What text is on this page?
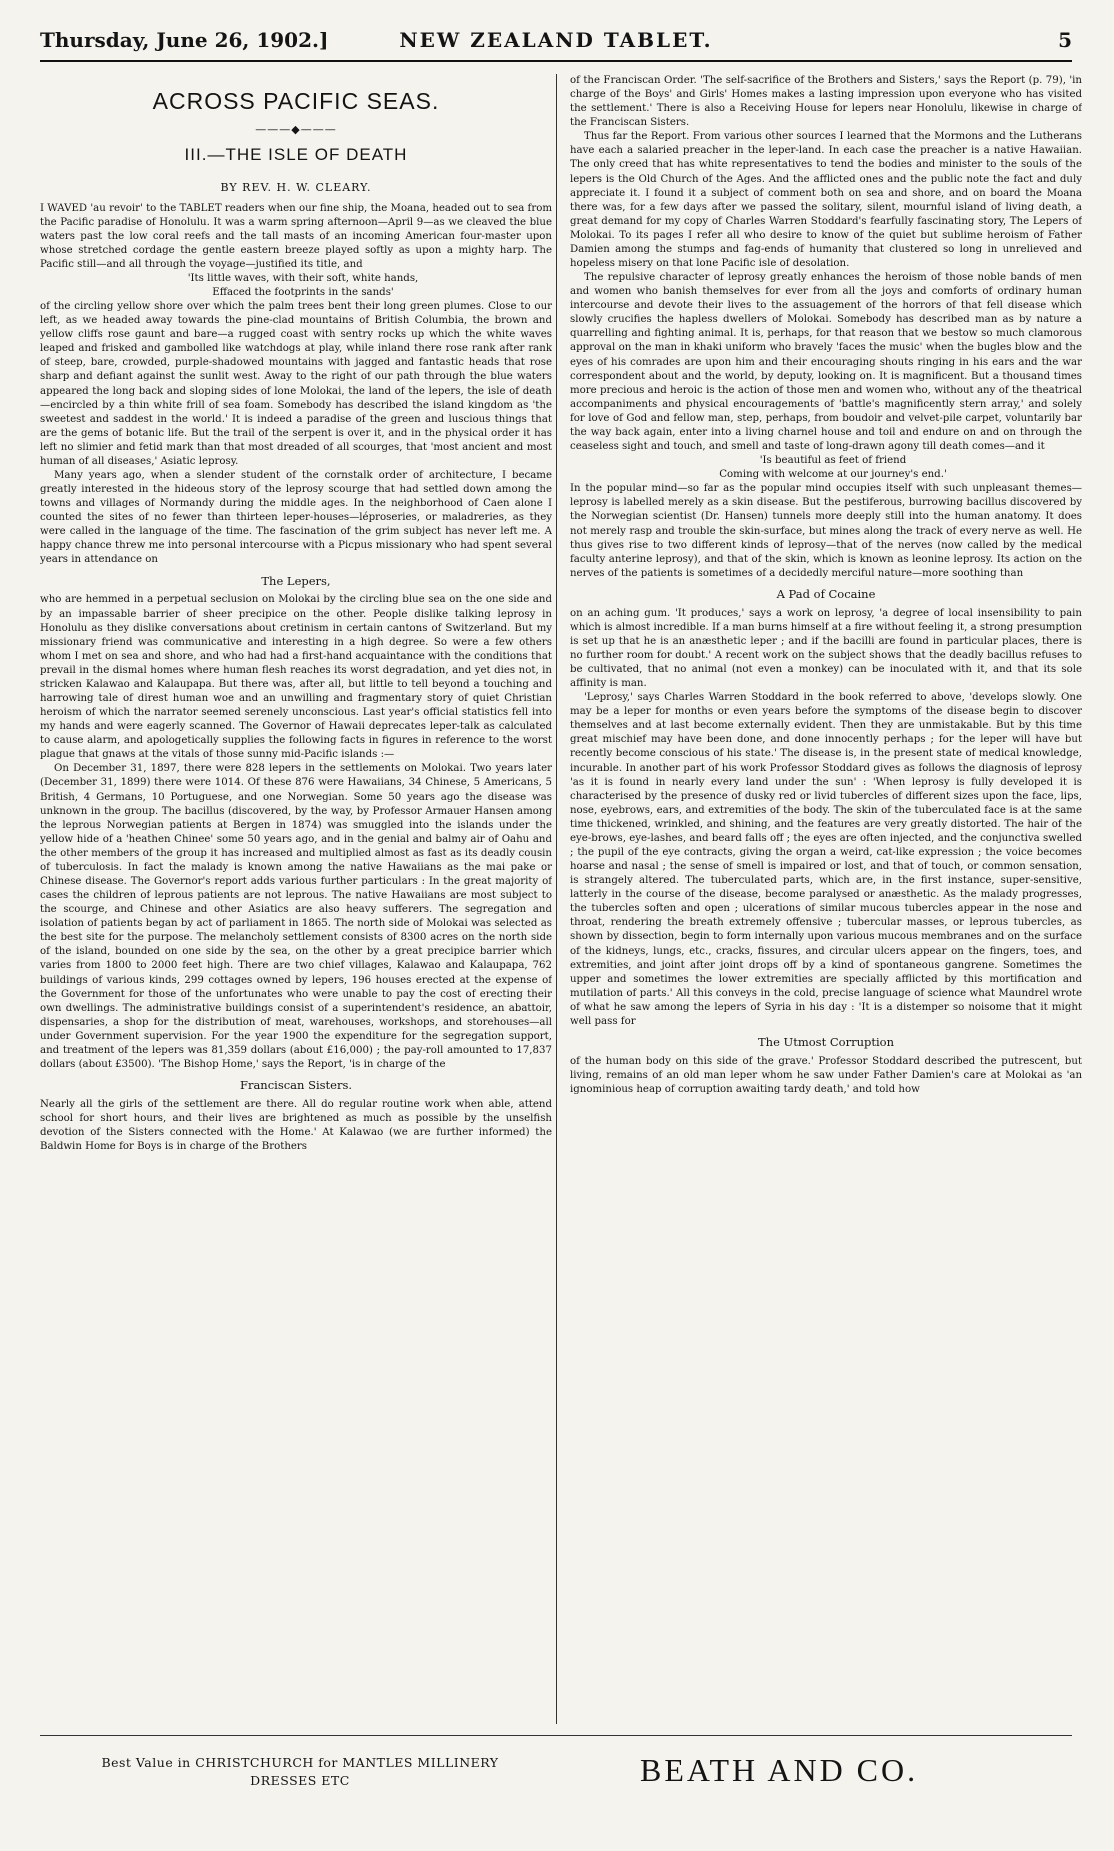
Thursday, June 26, 1902.]	NEW ZEALAND TABLET.	5
ACROSS PACIFIC SEAS.
———◆———
III.—THE ISLE OF DEATH
BY REV. H. W. CLEARY.

I WAVED 'au revoir' to the TABLET readers when our fine ship, the Moana, headed out to sea from the Pacific paradise of Honolulu. It was a warm spring afternoon—April 9—as we cleaved the blue waters past the low coral reefs and the tall masts of an incoming American four-master upon whose stretched cordage the gentle eastern breeze played softly as upon a mighty harp. The Pacific still—and all through the voyage—justified its title, and

'Its little waves, with their soft, white hands,

Effaced the footprints in the sands'

of the circling yellow shore over which the palm trees bent their long green plumes. Close to our left, as we headed away towards the pine-clad mountains of British Columbia, the brown and yellow cliffs rose gaunt and bare—a rugged coast with sentry rocks up which the white waves leaped and frisked and gambolled like watchdogs at play, while inland there rose rank after rank of steep, bare, crowded, purple-shadowed mountains with jagged and fantastic heads that rose sharp and defiant against the sunlit west. Away to the right of our path through the blue waters appeared the long back and sloping sides of lone Molokai, the land of the lepers, the isle of death—encircled by a thin white frill of sea foam. Somebody has described the island kingdom as 'the sweetest and saddest in the world.' It is indeed a paradise of the green and luscious things that are the gems of botanic life. But the trail of the serpent is over it, and in the physical order it has left no slimier and fetid mark than that most dreaded of all scourges, that 'most ancient and most human of all diseases,' Asiatic leprosy.

Many years ago, when a slender student of the cornstalk order of architecture, I became greatly interested in the hideous story of the leprosy scourge that had settled down among the towns and villages of Normandy during the middle ages. In the neighborhood of Caen alone I counted the sites of no fewer than thirteen leper-houses—léproseries, or maladreries, as they were called in the language of the time. The fascination of the grim subject has never left me. A happy chance threw me into personal intercourse with a Picpus missionary who had spent several years in attendance on

The Lepers,

who are hemmed in a perpetual seclusion on Molokai by the circling blue sea on the one side and by an impassable barrier of sheer precipice on the other. People dislike talking leprosy in Honolulu as they dislike conversations about cretinism in certain cantons of Switzerland. But my missionary friend was communicative and interesting in a high degree. So were a few others whom I met on sea and shore, and who had had a first-hand acquaintance with the conditions that prevail in the dismal homes where human flesh reaches its worst degradation, and yet dies not, in stricken Kalawao and Kalaupapa. But there was, after all, but little to tell beyond a touching and harrowing tale of direst human woe and an unwilling and fragmentary story of quiet Christian heroism of which the narrator seemed serenely unconscious. Last year's official statistics fell into my hands and were eagerly scanned. The Governor of Hawaii deprecates leper-talk as calculated to cause alarm, and apologetically supplies the following facts in figures in reference to the worst plague that gnaws at the vitals of those sunny mid-Pacific islands :—

On December 31, 1897, there were 828 lepers in the settlements on Molokai. Two years later (December 31, 1899) there were 1014. Of these 876 were Hawaiians, 34 Chinese, 5 Americans, 5 British, 4 Germans, 10 Portuguese, and one Norwegian. Some 50 years ago the disease was unknown in the group. The bacillus (discovered, by the way, by Professor Armauer Hansen among the leprous Norwegian patients at Bergen in 1874) was smuggled into the islands under the yellow hide of a 'heathen Chinee' some 50 years ago, and in the genial and balmy air of Oahu and the other members of the group it has increased and multiplied almost as fast as its deadly cousin of tuberculosis. In fact the malady is known among the native Hawaiians as the mai pake or Chinese disease. The Governor's report adds various further particulars : In the great majority of cases the children of leprous patients are not leprous. The native Hawaiians are most subject to the scourge, and Chinese and other Asiatics are also heavy sufferers. The segregation and isolation of patients began by act of parliament in 1865. The north side of Molokai was selected as the best site for the purpose. The melancholy settlement consists of 8300 acres on the north side of the island, bounded on one side by the sea, on the other by a great precipice barrier which varies from 1800 to 2000 feet high. There are two chief villages, Kalawao and Kalaupapa, 762 buildings of various kinds, 299 cottages owned by lepers, 196 houses erected at the expense of the Government for those of the unfortunates who were unable to pay the cost of erecting their own dwellings. The administrative buildings consist of a superintendent's residence, an abattoir, dispensaries, a shop for the distribution of meat, warehouses, workshops, and storehouses—all under Government supervision. For the year 1900 the expenditure for the segregation support, and treatment of the lepers was 81,359 dollars (about £16,000) ; the pay-roll amounted to 17,837 dollars (about £3500). 'The Bishop Home,' says the Report, 'is in charge of the

Franciscan Sisters.

Nearly all the girls of the settlement are there. All do regular routine work when able, attend school for short hours, and their lives are brightened as much as possible by the unselfish devotion of the Sisters connected with the Home.' At Kalawao (we are further informed) the Baldwin Home for Boys is in charge of the Brothers

of the Franciscan Order. 'The self-sacrifice of the Brothers and Sisters,' says the Report (p. 79), 'in charge of the Boys' and Girls' Homes makes a lasting impression upon everyone who has visited the settlement.' There is also a Receiving House for lepers near Honolulu, likewise in charge of the Franciscan Sisters.

Thus far the Report. From various other sources I learned that the Mormons and the Lutherans have each a salaried preacher in the leper-land. In each case the preacher is a native Hawaiian. The only creed that has white representatives to tend the bodies and minister to the souls of the lepers is the Old Church of the Ages. And the afflicted ones and the public note the fact and duly appreciate it. I found it a subject of comment both on sea and shore, and on board the Moana there was, for a few days after we passed the solitary, silent, mournful island of living death, a great demand for my copy of Charles Warren Stoddard's fearfully fascinating story, The Lepers of Molokai. To its pages I refer all who desire to know of the quiet but sublime heroism of Father Damien among the stumps and fag-ends of humanity that clustered so long in unrelieved and hopeless misery on that lone Pacific isle of desolation.

The repulsive character of leprosy greatly enhances the heroism of those noble bands of men and women who banish themselves for ever from all the joys and comforts of ordinary human intercourse and devote their lives to the assuagement of the horrors of that fell disease which slowly crucifies the hapless dwellers of Molokai. Somebody has described man as by nature a quarrelling and fighting animal. It is, perhaps, for that reason that we bestow so much clamorous approval on the man in khaki uniform who bravely 'faces the music' when the bugles blow and the eyes of his comrades are upon him and their encouraging shouts ringing in his ears and the war correspondent about and the world, by deputy, looking on. It is magnificent. But a thousand times more precious and heroic is the action of those men and women who, without any of the theatrical accompaniments and physical encouragements of 'battle's magnificently stern array,' and solely for love of God and fellow man, step, perhaps, from boudoir and velvet-pile carpet, voluntarily bar the way back again, enter into a living charnel house and toil and endure on and on through the ceaseless sight and touch, and smell and taste of long-drawn agony till death comes—and it

'Is beautiful as feet of friend

Coming with welcome at our journey's end.'

In the popular mind—so far as the popular mind occupies itself with such unpleasant themes—leprosy is labelled merely as a skin disease. But the pestiferous, burrowing bacillus discovered by the Norwegian scientist (Dr. Hansen) tunnels more deeply still into the human anatomy. It does not merely rasp and trouble the skin-surface, but mines along the track of every nerve as well. He thus gives rise to two different kinds of leprosy—that of the nerves (now called by the medical faculty anterine leprosy), and that of the skin, which is known as leonine leprosy. Its action on the nerves of the patients is sometimes of a decidedly merciful nature—more soothing than

A Pad of Cocaine

on an aching gum. 'It produces,' says a work on leprosy, 'a degree of local insensibility to pain which is almost incredible. If a man burns himself at a fire without feeling it, a strong presumption is set up that he is an anæsthetic leper ; and if the bacilli are found in particular places, there is no further room for doubt.' A recent work on the subject shows that the deadly bacillus refuses to be cultivated, that no animal (not even a monkey) can be inoculated with it, and that its sole affinity is man.

'Leprosy,' says Charles Warren Stoddard in the book referred to above, 'develops slowly. One may be a leper for months or even years before the symptoms of the disease begin to discover themselves and at last become externally evident. Then they are unmistakable. But by this time great mischief may have been done, and done innocently perhaps ; for the leper will have but recently become conscious of his state.' The disease is, in the present state of medical knowledge, incurable. In another part of his work Professor Stoddard gives as follows the diagnosis of leprosy 'as it is found in nearly every land under the sun' : 'When leprosy is fully developed it is characterised by the presence of dusky red or livid tubercles of different sizes upon the face, lips, nose, eyebrows, ears, and extremities of the body. The skin of the tuberculated face is at the same time thickened, wrinkled, and shining, and the features are very greatly distorted. The hair of the eye-brows, eye-lashes, and beard falls off ; the eyes are often injected, and the conjunctiva swelled ; the pupil of the eye contracts, giving the organ a weird, cat-like expression ; the voice becomes hoarse and nasal ; the sense of smell is impaired or lost, and that of touch, or common sensation, is strangely altered. The tuberculated parts, which are, in the first instance, super-sensitive, latterly in the course of the disease, become paralysed or anæsthetic. As the malady progresses, the tubercles soften and open ; ulcerations of similar mucous tubercles appear in the nose and throat, rendering the breath extremely offensive ; tubercular masses, or leprous tubercles, as shown by dissection, begin to form internally upon various mucous membranes and on the surface of the kidneys, lungs, etc., cracks, fissures, and circular ulcers appear on the fingers, toes, and extremities, and joint after joint drops off by a kind of spontaneous gangrene. Sometimes the upper and sometimes the lower extremities are specially afflicted by this mortification and mutilation of parts.' All this conveys in the cold, precise language of science what Maundrel wrote of what he saw among the lepers of Syria in his day : 'It is a distemper so noisome that it might well pass for

The Utmost Corruption

of the human body on this side of the grave.' Professor Stoddard described the putrescent, but living, remains of an old man leper whom he saw under Father Damien's care at Molokai as 'an ignominious heap of corruption awaiting tardy death,' and told how

Best Value in CHRISTCHURCH for MANTLES MILLINERY
DRESSES ETC	BEATH AND CO.
